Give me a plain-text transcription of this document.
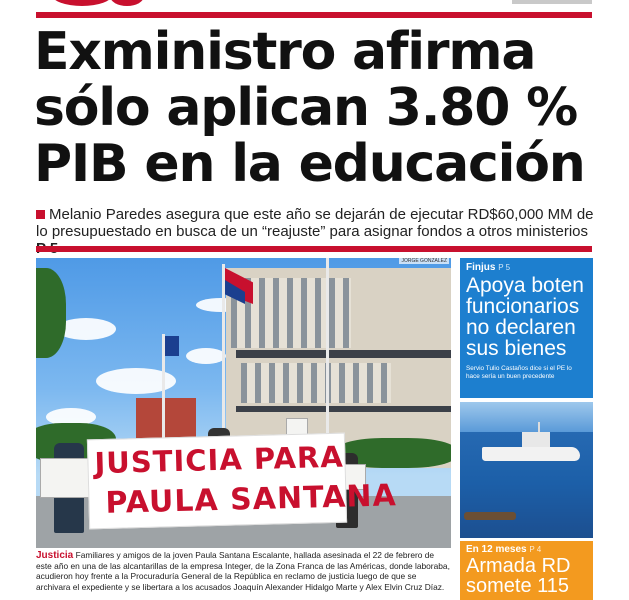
Exministro afirma
sólo aplican 3.80 %
PIB en la educación

Melanio Paredes asegura que este año se dejarán de ejecutar RD$60,000 MM de lo presupuestado en busca de un “reajuste” para asignar fondos a otros ministerios

JUSTICIA PARA
PAULA SANTANA
JORGE GONZÁLEZ

Justicia Familiares y amigos de la joven Paula Santana Escalante, hallada asesinada el 22 de febrero de este año en una de las alcantarillas de la empresa Integer, de la Zona Franca de las Américas, donde laboraba, acudieron hoy frente a la Procuraduría General de la República en reclamo de justicia luego de que se archivara el expediente y se libertara a los acusados Joaquín Alexander Hidalgo Marte y Alex Elvin Cruz Díaz.

Finjus P 5
Apoya boten funcionarios no declaren sus bienes
Servio Tulio Castaños dice si el PE lo hace sería un buen precedente
En 12 meses P 4
Armada RD somete 115
